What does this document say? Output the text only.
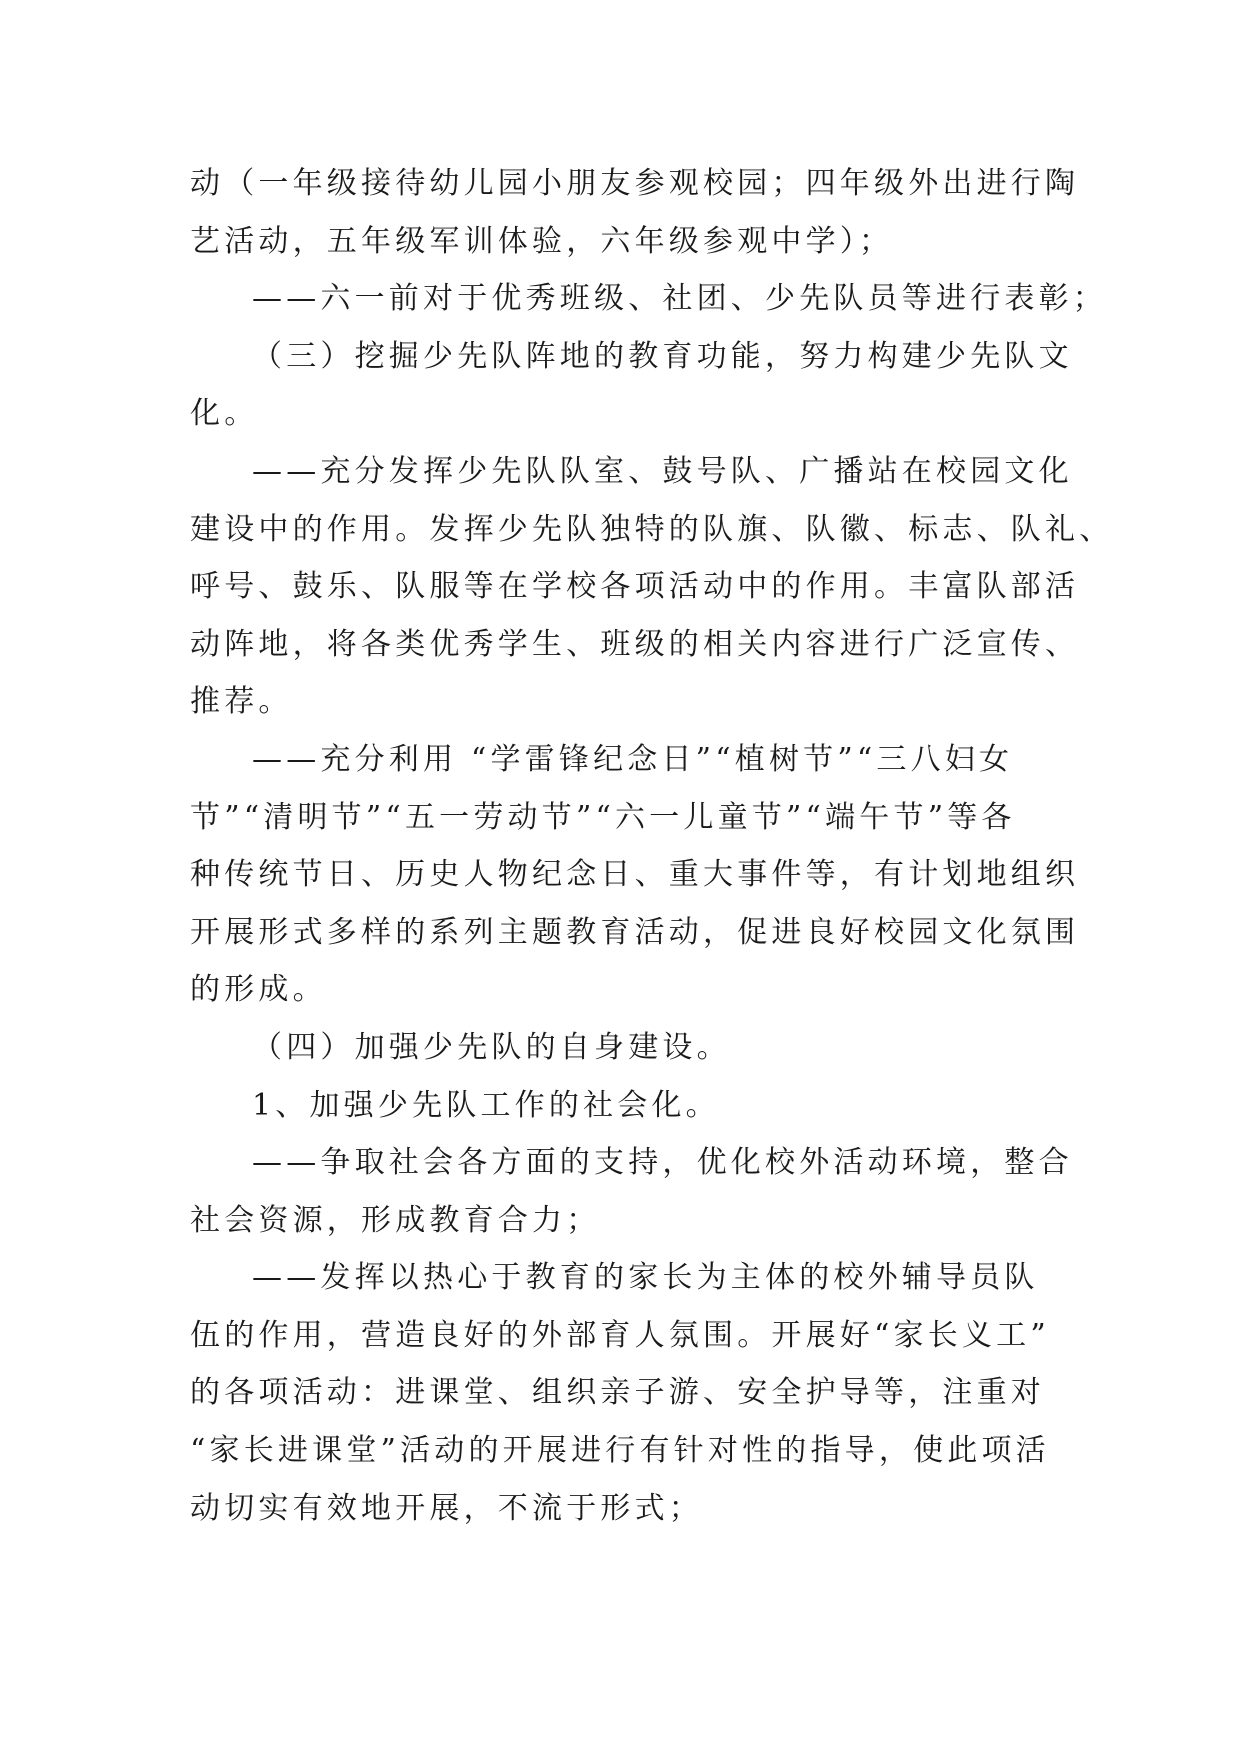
动（一年级接待幼儿园小朋友参观校园；四年级外出进行陶
艺活动，五年级军训体验，六年级参观中学）；
——六一前对于优秀班级、社团、少先队员等进行表彰；
（三）挖掘少先队阵地的教育功能，努力构建少先队文
化。
——充分发挥少先队队室、鼓号队、广播站在校园文化
建设中的作用。发挥少先队独特的队旗、队徽、标志、队礼、
呼号、鼓乐、队服等在学校各项活动中的作用。丰富队部活
动阵地，将各类优秀学生、班级的相关内容进行广泛宣传、
推荐。
——充分利用 “学雷锋纪念日”“植树节”“三八妇女
节”“清明节”“五一劳动节”“六一儿童节”“端午节”等各
种传统节日、历史人物纪念日、重大事件等，有计划地组织
开展形式多样的系列主题教育活动，促进良好校园文化氛围
的形成。
（四）加强少先队的自身建设。
1、加强少先队工作的社会化。
——争取社会各方面的支持，优化校外活动环境，整合
社会资源，形成教育合力；
——发挥以热心于教育的家长为主体的校外辅导员队
伍的作用，营造良好的外部育人氛围。开展好“家长义工”
的各项活动：进课堂、组织亲子游、安全护导等，注重对
“家长进课堂”活动的开展进行有针对性的指导，使此项活
动切实有效地开展，不流于形式；
